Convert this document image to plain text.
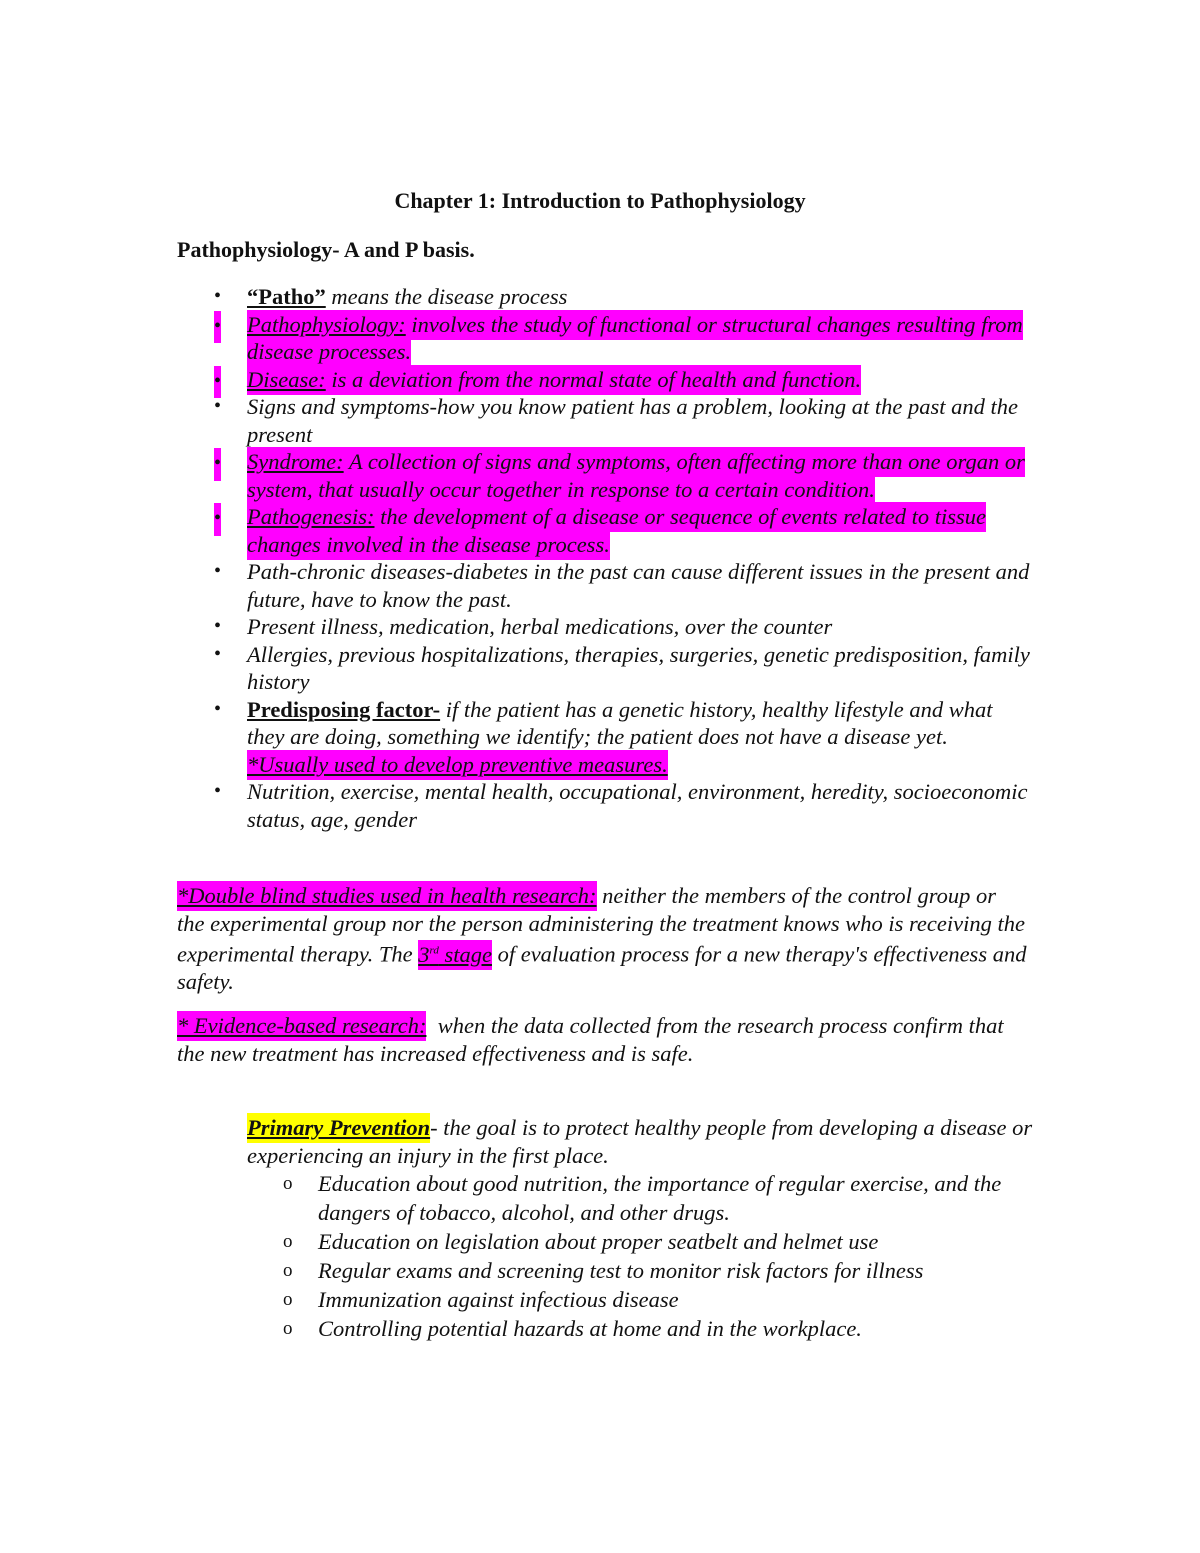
Chapter 1: Introduction to Pathophysiology
Pathophysiology- A and P basis.
• “Patho” means the disease process
• Pathophysiology: involves the study of functional or structural changes resulting from disease processes.
• Disease: is a deviation from the normal state of health and function.
• Signs and symptoms-how you know patient has a problem, looking at the past and the present
• Syndrome: A collection of signs and symptoms, often affecting more than one organ or system, that usually occur together in response to a certain condition.
• Pathogenesis: the development of a disease or sequence of events related to tissue changes involved in the disease process.
• Path-chronic diseases-diabetes in the past can cause different issues in the present and future, have to know the past.
• Present illness, medication, herbal medications, over the counter
• Allergies, previous hospitalizations, therapies, surgeries, genetic predisposition, family history
• Predisposing factor- if the patient has a genetic history, healthy lifestyle and what they are doing, something we identify; the patient does not have a disease yet. *Usually used to develop preventive measures.
• Nutrition, exercise, mental health, occupational, environment, heredity, socioeconomic status, age, gender
*Double blind studies used in health research: neither the members of the control group or the experimental group nor the person administering the treatment knows who is receiving the experimental therapy. The 3rd stage of evaluation process for a new therapy's effectiveness and safety.
* Evidence-based research:  when the data collected from the research process confirm that the new treatment has increased effectiveness and is safe.
Primary Prevention- the goal is to protect healthy people from developing a disease or experiencing an injury in the first place.
o Education about good nutrition, the importance of regular exercise, and the dangers of tobacco, alcohol, and other drugs.
o Education on legislation about proper seatbelt and helmet use
o Regular exams and screening test to monitor risk factors for illness
o Immunization against infectious disease
o Controlling potential hazards at home and in the workplace.
